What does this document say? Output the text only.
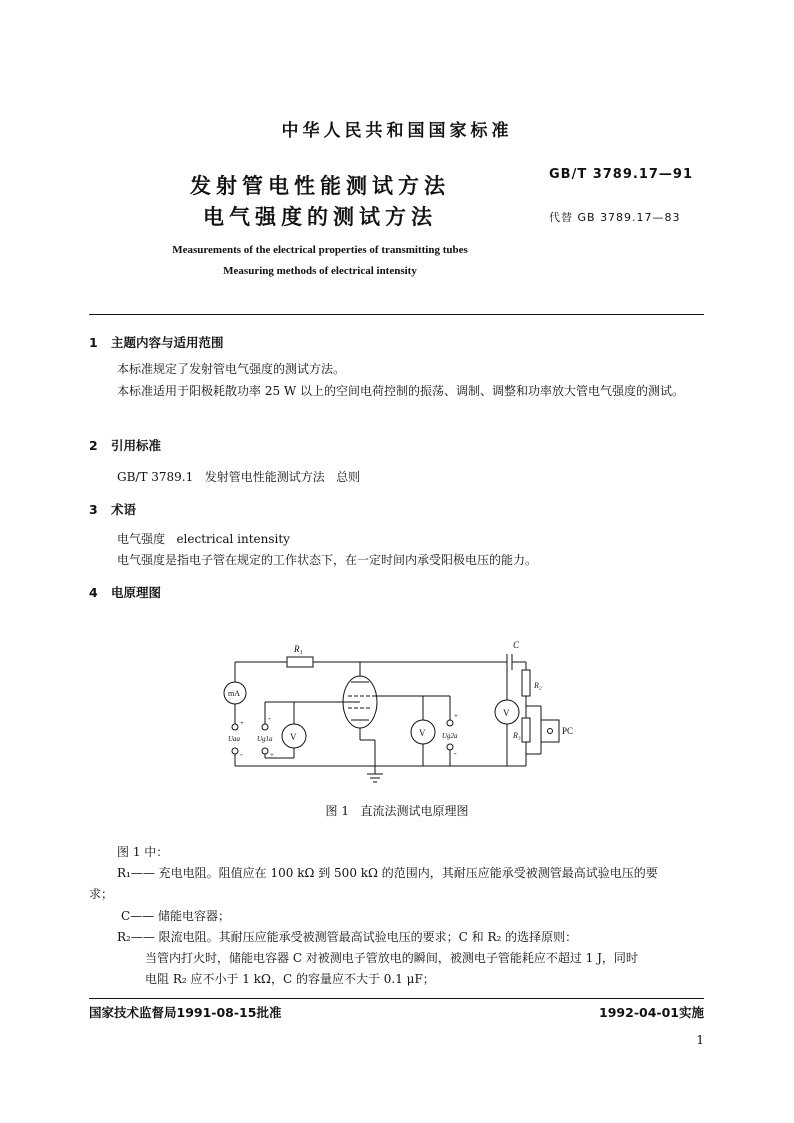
中华人民共和国国家标准
发射管电性能测试方法
电气强度的测试方法
GB/T 3789.17—91
代替 GB 3789.17—83
Measurements of the electrical properties of transmitting tubes
Measuring methods of electrical intensity
1 主题内容与适用范围
本标准规定了发射管电气强度的测试方法。
本标准适用于阳极耗散功率 25 W 以上的空间电荷控制的振荡、调制、调整和功率放大管电气强度的测试。
2 引用标准
GB/T 3789.1   发射管电性能测试方法   总则
3 术语
电气强度   electrical intensity
电气强度是指电子管在规定的工作状态下，在一定时间内承受阳极电压的能力。
4 电原理图
R₁	C
R₂
R₃	PC
mA
V	V
V
Uaa Ug1a	Ug2a
+
-
-
+
+
-
图 1   直流法测试电原理图
图 1 中：
R₁—— 充电电阻。阻值应在 100 kΩ 到 500 kΩ 的范围内，其耐压应能承受被测管最高试验电压的要
求；
C—— 储能电容器；
R₂—— 限流电阻。其耐压应能承受被测管最高试验电压的要求；C 和 R₂ 的选择原则：
当管内打火时，储能电容器 C 对被测电子管放电的瞬间，被测电子管能耗应不超过 1 J，同时
电阻 R₂ 应不小于 1 kΩ，C 的容量应不大于 0.1 μF；
国家技术监督局1991-08-15批准	1992-04-01实施
1
